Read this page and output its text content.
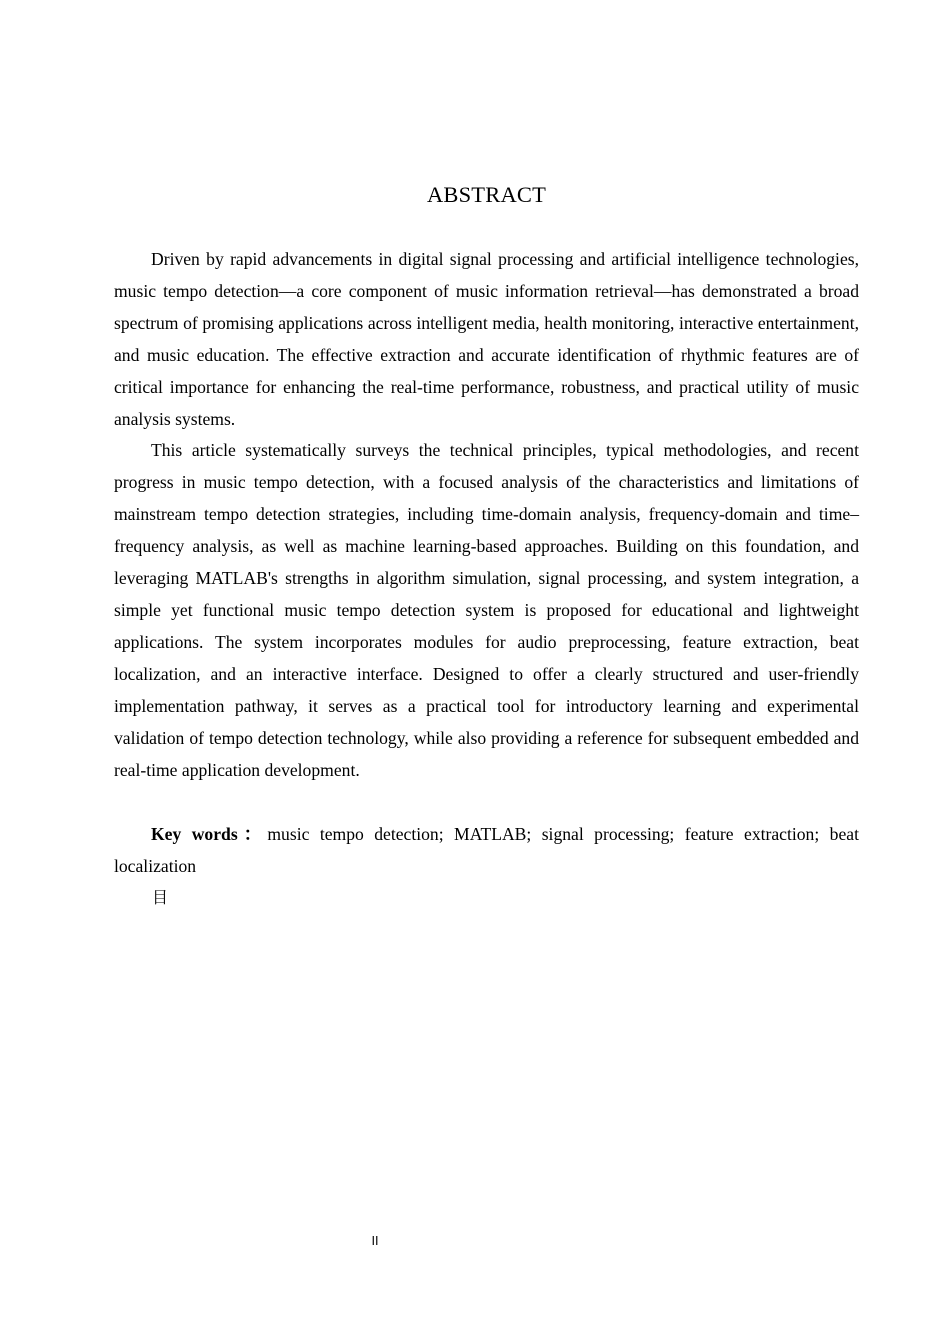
ABSTRACT

Driven by rapid advancements in digital signal processing and artificial intelligence technologies, music tempo detection—a core component of music information retrieval—has demonstrated a broad spectrum of promising applications across intelligent media, health monitoring, interactive entertainment, and music education. The effective extraction and accurate identification of rhythmic features are of critical importance for enhancing the real-time performance, robustness, and practical utility of music analysis systems.

This article systematically surveys the technical principles, typical methodologies, and recent progress in music tempo detection, with a focused analysis of the characteristics and limitations of mainstream tempo detection strategies, including time-domain analysis, frequency-domain and time–frequency analysis, as well as machine learning-based approaches. Building on this foundation, and leveraging MATLAB's strengths in algorithm simulation, signal processing, and system integration, a simple yet functional music tempo detection system is proposed for educational and lightweight applications. The system incorporates modules for audio preprocessing, feature extraction, beat localization, and an interactive interface. Designed to offer a clearly structured and user-friendly implementation pathway, it serves as a practical tool for introductory learning and experimental validation of tempo detection technology, while also providing a reference for subsequent embedded and real-time application development.

Key words：music tempo detection; MATLAB; signal processing; feature extraction; beat localization

目
II
